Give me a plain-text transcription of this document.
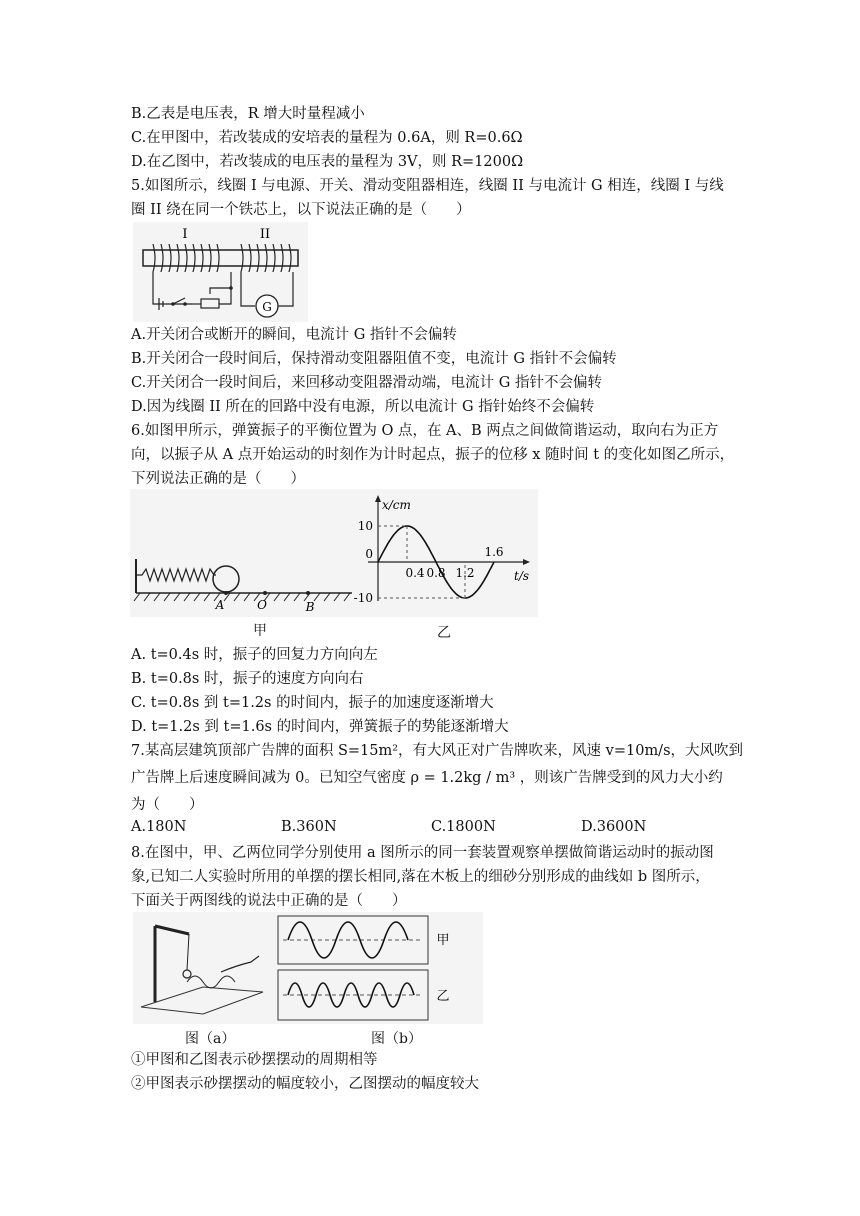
B.乙表是电压表，R 增大时量程减小
C.在甲图中，若改装成的安培表的量程为 0.6A，则 R=0.6Ω
D.在乙图中，若改装成的电压表的量程为 3V，则 R=1200Ω
5.如图所示，线圈 I 与电源、开关、滑动变阻器相连，线圈 II 与电流计 G 相连，线圈 I 与线
圈 II 绕在同一个铁芯上，以下说法正确的是（　　）
I	II
G
A.开关闭合或断开的瞬间，电流计 G 指针不会偏转
B.开关闭合一段时间后，保持滑动变阻器阻值不变，电流计 G 指针不会偏转
C.开关闭合一段时间后，来回移动变阻器滑动端，电流计 G 指针不会偏转
D.因为线圈 II 所在的回路中没有电源，所以电流计 G 指针始终不会偏转
6.如图甲所示，弹簧振子的平衡位置为 O 点，在 A、B 两点之间做简谐运动，取向右为正方
向，以振子从 A 点开始运动的时刻作为计时起点，振子的位移 x 随时间 t 的变化如图乙所示，
下列说法正确的是（　　）
A	O	B
x/cm
t/s
0.4 0.8 1.2
1.6
10
0
-10
甲	乙
A. t=0.4s 时，振子的回复力方向向左
B. t=0.8s 时，振子的速度方向向右
C. t=0.8s 到 t=1.2s 的时间内，振子的加速度逐渐增大
D. t=1.2s 到 t=1.6s 的时间内，弹簧振子的势能逐渐增大
7.某高层建筑顶部广告牌的面积 S=15m²，有大风正对广告牌吹来，风速 v=10m/s，大风吹到
广告牌上后速度瞬间减为 0。已知空气密度 ρ = 1.2kg / m³ ，则该广告牌受到的风力大小约
为（　　）
A.180N	B.360N	C.1800N	D.3600N
8.在图中，甲、乙两位同学分别使用 a 图所示的同一套装置观察单摆做简谐运动时的振动图
象,已知二人实验时所用的单摆的摆长相同,落在木板上的细砂分别形成的曲线如 b 图所示，
下面关于两图线的说法中正确的是（　　）
甲
乙
图（a）	图（b）
①甲图和乙图表示砂摆摆动的周期相等
②甲图表示砂摆摆动的幅度较小，乙图摆动的幅度较大
